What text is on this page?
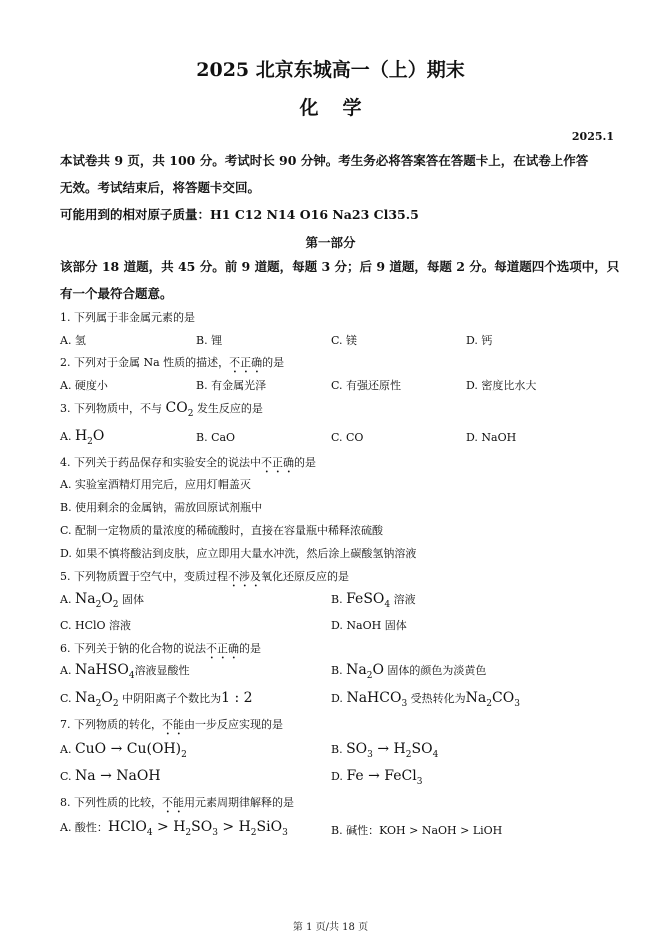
2025 北京东城高一（上）期末
化学
2025.1
本试卷共 9 页，共 100 分。考试时长 90 分钟。考生务必将答案答在答题卡上，在试卷上作答
无效。考试结束后，将答题卡交回。
可能用到的相对原子质量：H1 C12 N14 O16 Na23 Cl35.5
第一部分
该部分 18 道题，共 45 分。前 9 道题，每题 3 分；后 9 道题，每题 2 分。每道题四个选项中，只
有一个最符合题意。
1. 下列属于非金属元素的是
A. 氢	B. 锂	C. 镁	D. 钙
2. 下列对于金属 Na 性质的描述，不正确的是
A. 硬度小	B. 有金属光泽	C. 有强还原性	D. 密度比水大
3. 下列物质中，不与 $CO_2$ 发生反应的是
A. $H_2O$	B. CaO	C. CO	D. NaOH
4. 下列关于药品保存和实验安全的说法中不正确的是
A. 实验室酒精灯用完后，应用灯帽盖灭
B. 使用剩余的金属钠，需放回原试剂瓶中
C. 配制一定物质的量浓度的稀硫酸时，直接在容量瓶中稀释浓硫酸
D. 如果不慎将酸沾到皮肤，应立即用大量水冲洗，然后涂上碳酸氢钠溶液
5. 下列物质置于空气中，变质过程不涉及氧化还原反应的是
A. $Na_2O_2$ 固体	B. FeSO$_4$ 溶液
C. HClO 溶液	D. NaOH 固体
6. 下列关于钠的化合物的说法不正确的是
A. NaHSO$_4$溶液显酸性	B. $Na_2O$ 固体的颜色为淡黄色
C. $Na_2O_2$ 中阴阳离子个数比为1 : 2	D. NaHCO$_3$ 受热转化为$Na_2CO_3$
7. 下列物质的转化，不能由一步反应实现的是
A. CuO → $Cu(OH)_2$	B. $SO_3 \to H_2SO_4$
C. Na → NaOH	D. Fe → FeCl$_3$
8. 下列性质的比较，不能用元素周期律解释的是
A. 酸性：HClO$_4$ > $H_2SO_3 > H_2SiO_3$	B. 碱性：KOH > NaOH > LiOH
第 1 页/共 18 页
